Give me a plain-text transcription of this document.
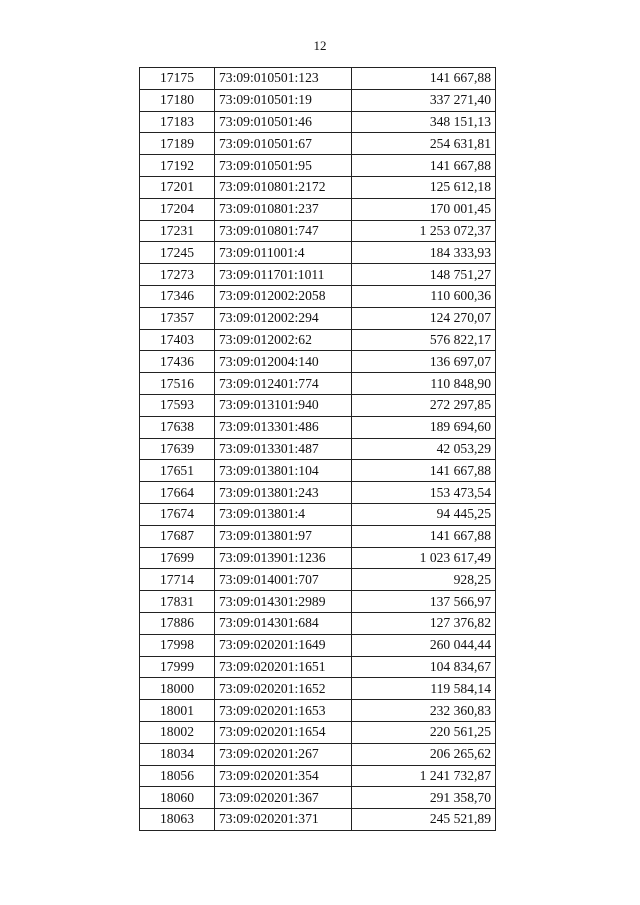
12
17175	73:09:010501:123	141 667,88
17180	73:09:010501:19	337 271,40
17183	73:09:010501:46	348 151,13
17189	73:09:010501:67	254 631,81
17192	73:09:010501:95	141 667,88
17201	73:09:010801:2172	125 612,18
17204	73:09:010801:237	170 001,45
17231	73:09:010801:747	1 253 072,37
17245	73:09:011001:4	184 333,93
17273	73:09:011701:1011	148 751,27
17346	73:09:012002:2058	110 600,36
17357	73:09:012002:294	124 270,07
17403	73:09:012002:62	576 822,17
17436	73:09:012004:140	136 697,07
17516	73:09:012401:774	110 848,90
17593	73:09:013101:940	272 297,85
17638	73:09:013301:486	189 694,60
17639	73:09:013301:487	42 053,29
17651	73:09:013801:104	141 667,88
17664	73:09:013801:243	153 473,54
17674	73:09:013801:4	94 445,25
17687	73:09:013801:97	141 667,88
17699	73:09:013901:1236	1 023 617,49
17714	73:09:014001:707	928,25
17831	73:09:014301:2989	137 566,97
17886	73:09:014301:684	127 376,82
17998	73:09:020201:1649	260 044,44
17999	73:09:020201:1651	104 834,67
18000	73:09:020201:1652	119 584,14
18001	73:09:020201:1653	232 360,83
18002	73:09:020201:1654	220 561,25
18034	73:09:020201:267	206 265,62
18056	73:09:020201:354	1 241 732,87
18060	73:09:020201:367	291 358,70
18063	73:09:020201:371	245 521,89
